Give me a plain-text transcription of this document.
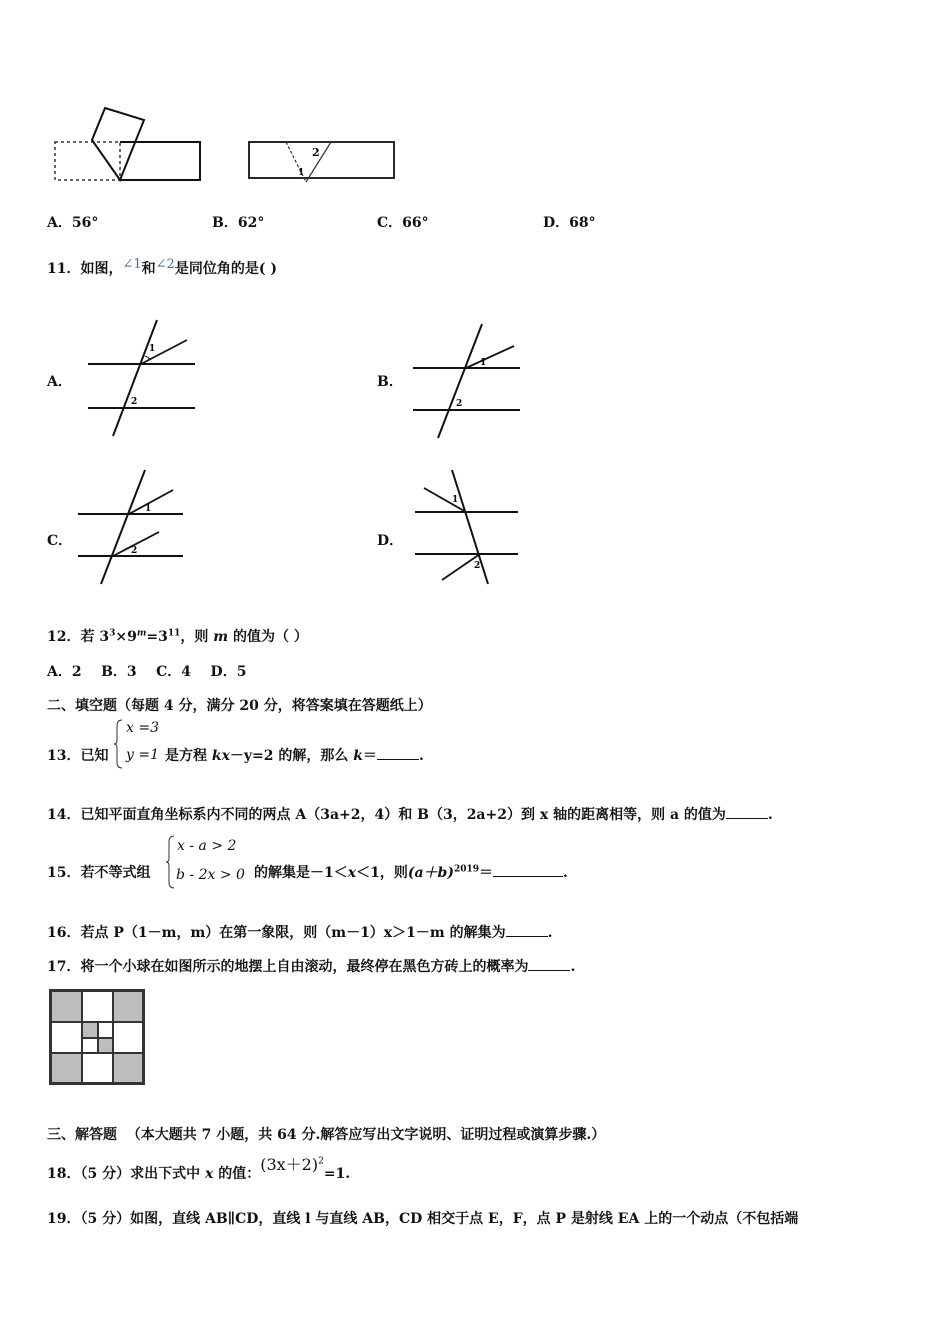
2
1
A．56°	B．62°	C．66°	D．68°
11．如图，∠1和∠2是同位角的是( )
A．
1
2
B．
1
2
C．
1
2
D．
1
2
12．若 $3^3\times 9^m=3^{11}$，则 m 的值为（ ）
A．2    B．3    C．4    D．5
二、填空题（每题 4 分，满分 20 分，将答案填在答题纸上）
13．已知
x =3
y =1 是方程 kx－y=2 的解，那么 k＝	.
14．已知平面直角坐标系内不同的两点 A（3a+2，4）和 B（3，2a+2）到 x 轴的距离相等，则 a 的值为	.
15．若不等式组
x - a > 2
b - 2x > 0 的解集是－1＜x＜1，则$(a+b)^{2019}=$	.
16．若点 P（1－m，m）在第一象限，则（m－1）x＞1－m 的解集为	.
17．将一个小球在如图所示的地摆上自由滚动，最终停在黑色方砖上的概率为	.
三、解答题  （本大题共 7 小题，共 64 分.解答应写出文字说明、证明过程或演算步骤.）
18．（5 分）求出下式中 x 的值：$(3x+2)^2=1$.
19．（5 分）如图，直线 AB∥CD，直线 l 与直线 AB，CD 相交于点 E，F，点 P 是射线 EA 上的一个动点（不包括端
